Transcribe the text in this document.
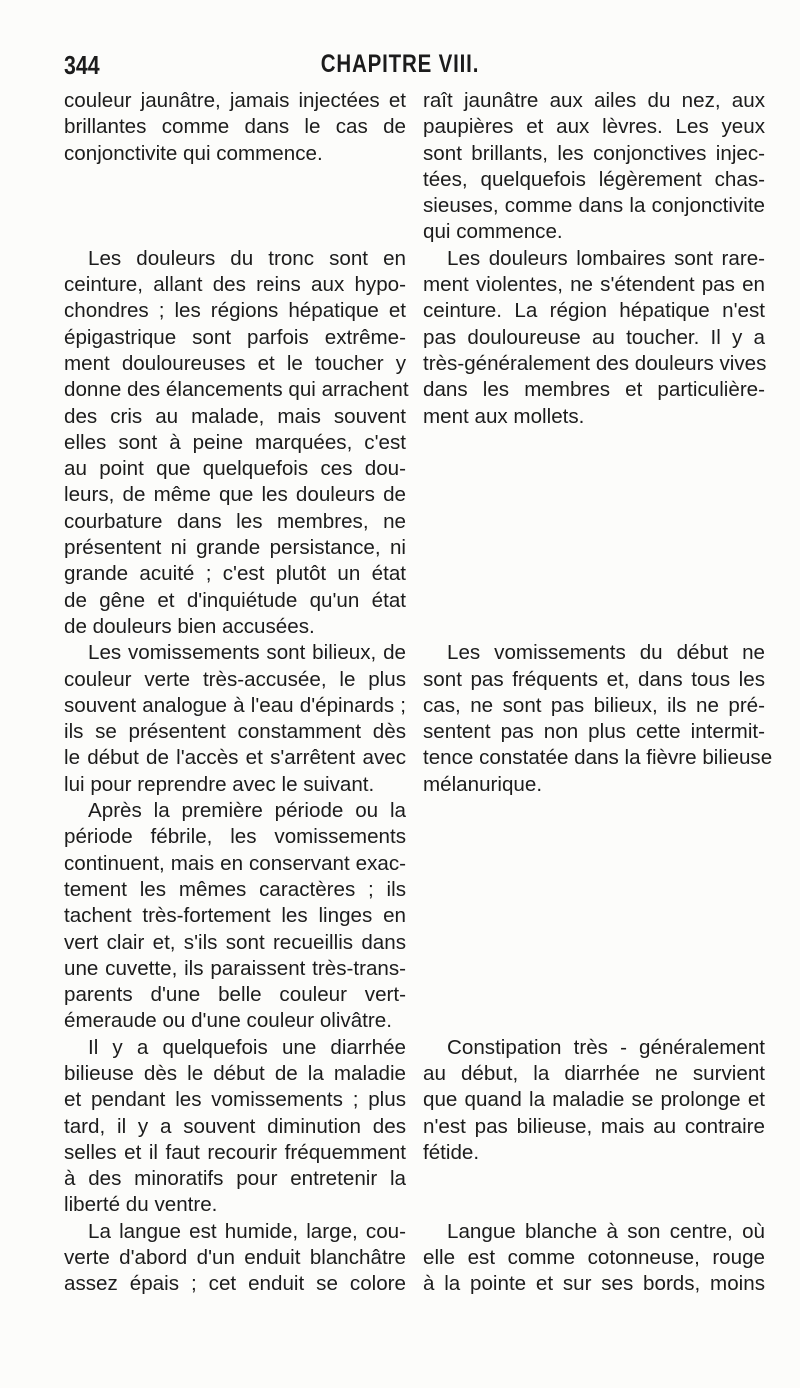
344	CHAPITRE VIII.
couleur jaunâtre, jamais injectées et
brillantes comme dans le cas de
conjonctivite qui commence.
Les douleurs du tronc sont en
ceinture, allant des reins aux hypo-
chondres ; les régions hépatique et
épigastrique sont parfois extrême-
ment douloureuses et le toucher y
donne des élancements qui arrachent
des cris au malade, mais souvent
elles sont à peine marquées, c'est
au point que quelquefois ces dou-
leurs, de même que les douleurs de
courbature dans les membres, ne
présentent ni grande persistance, ni
grande acuité ; c'est plutôt un état
de gêne et d'inquiétude qu'un état
de douleurs bien accusées.
Les vomissements sont bilieux, de
couleur verte très-accusée, le plus
souvent analogue à l'eau d'épinards ;
ils se présentent constamment dès
le début de l'accès et s'arrêtent avec
lui pour reprendre avec le suivant.
Après la première période ou la
période fébrile, les vomissements
continuent, mais en conservant exac-
tement les mêmes caractères ; ils
tachent très-fortement les linges en
vert clair et, s'ils sont recueillis dans
une cuvette, ils paraissent très-trans-
parents d'une belle couleur vert-
émeraude ou d'une couleur olivâtre.
Il y a quelquefois une diarrhée
bilieuse dès le début de la maladie
et pendant les vomissements ; plus
tard, il y a souvent diminution des
selles et il faut recourir fréquemment
à des minoratifs pour entretenir la
liberté du ventre.
La langue est humide, large, cou-
verte d'abord d'un enduit blanchâtre
assez épais ; cet enduit se colore
raît jaunâtre aux ailes du nez, aux
paupières et aux lèvres. Les yeux
sont brillants, les conjonctives injec-
tées, quelquefois légèrement chas-
sieuses, comme dans la conjonctivite
qui commence.
Les douleurs lombaires sont rare-
ment violentes, ne s'étendent pas en
ceinture. La région hépatique n'est
pas douloureuse au toucher. Il y a
très-généralement des douleurs vives
dans les membres et particulière-
ment aux mollets.
Les vomissements du début ne
sont pas fréquents et, dans tous les
cas, ne sont pas bilieux, ils ne pré-
sentent pas non plus cette intermit-
tence constatée dans la fièvre bilieuse
mélanurique.
Constipation très - généralement
au début, la diarrhée ne survient
que quand la maladie se prolonge et
n'est pas bilieuse, mais au contraire
fétide.
Langue blanche à son centre, où
elle est comme cotonneuse, rouge
à la pointe et sur ses bords, moins
